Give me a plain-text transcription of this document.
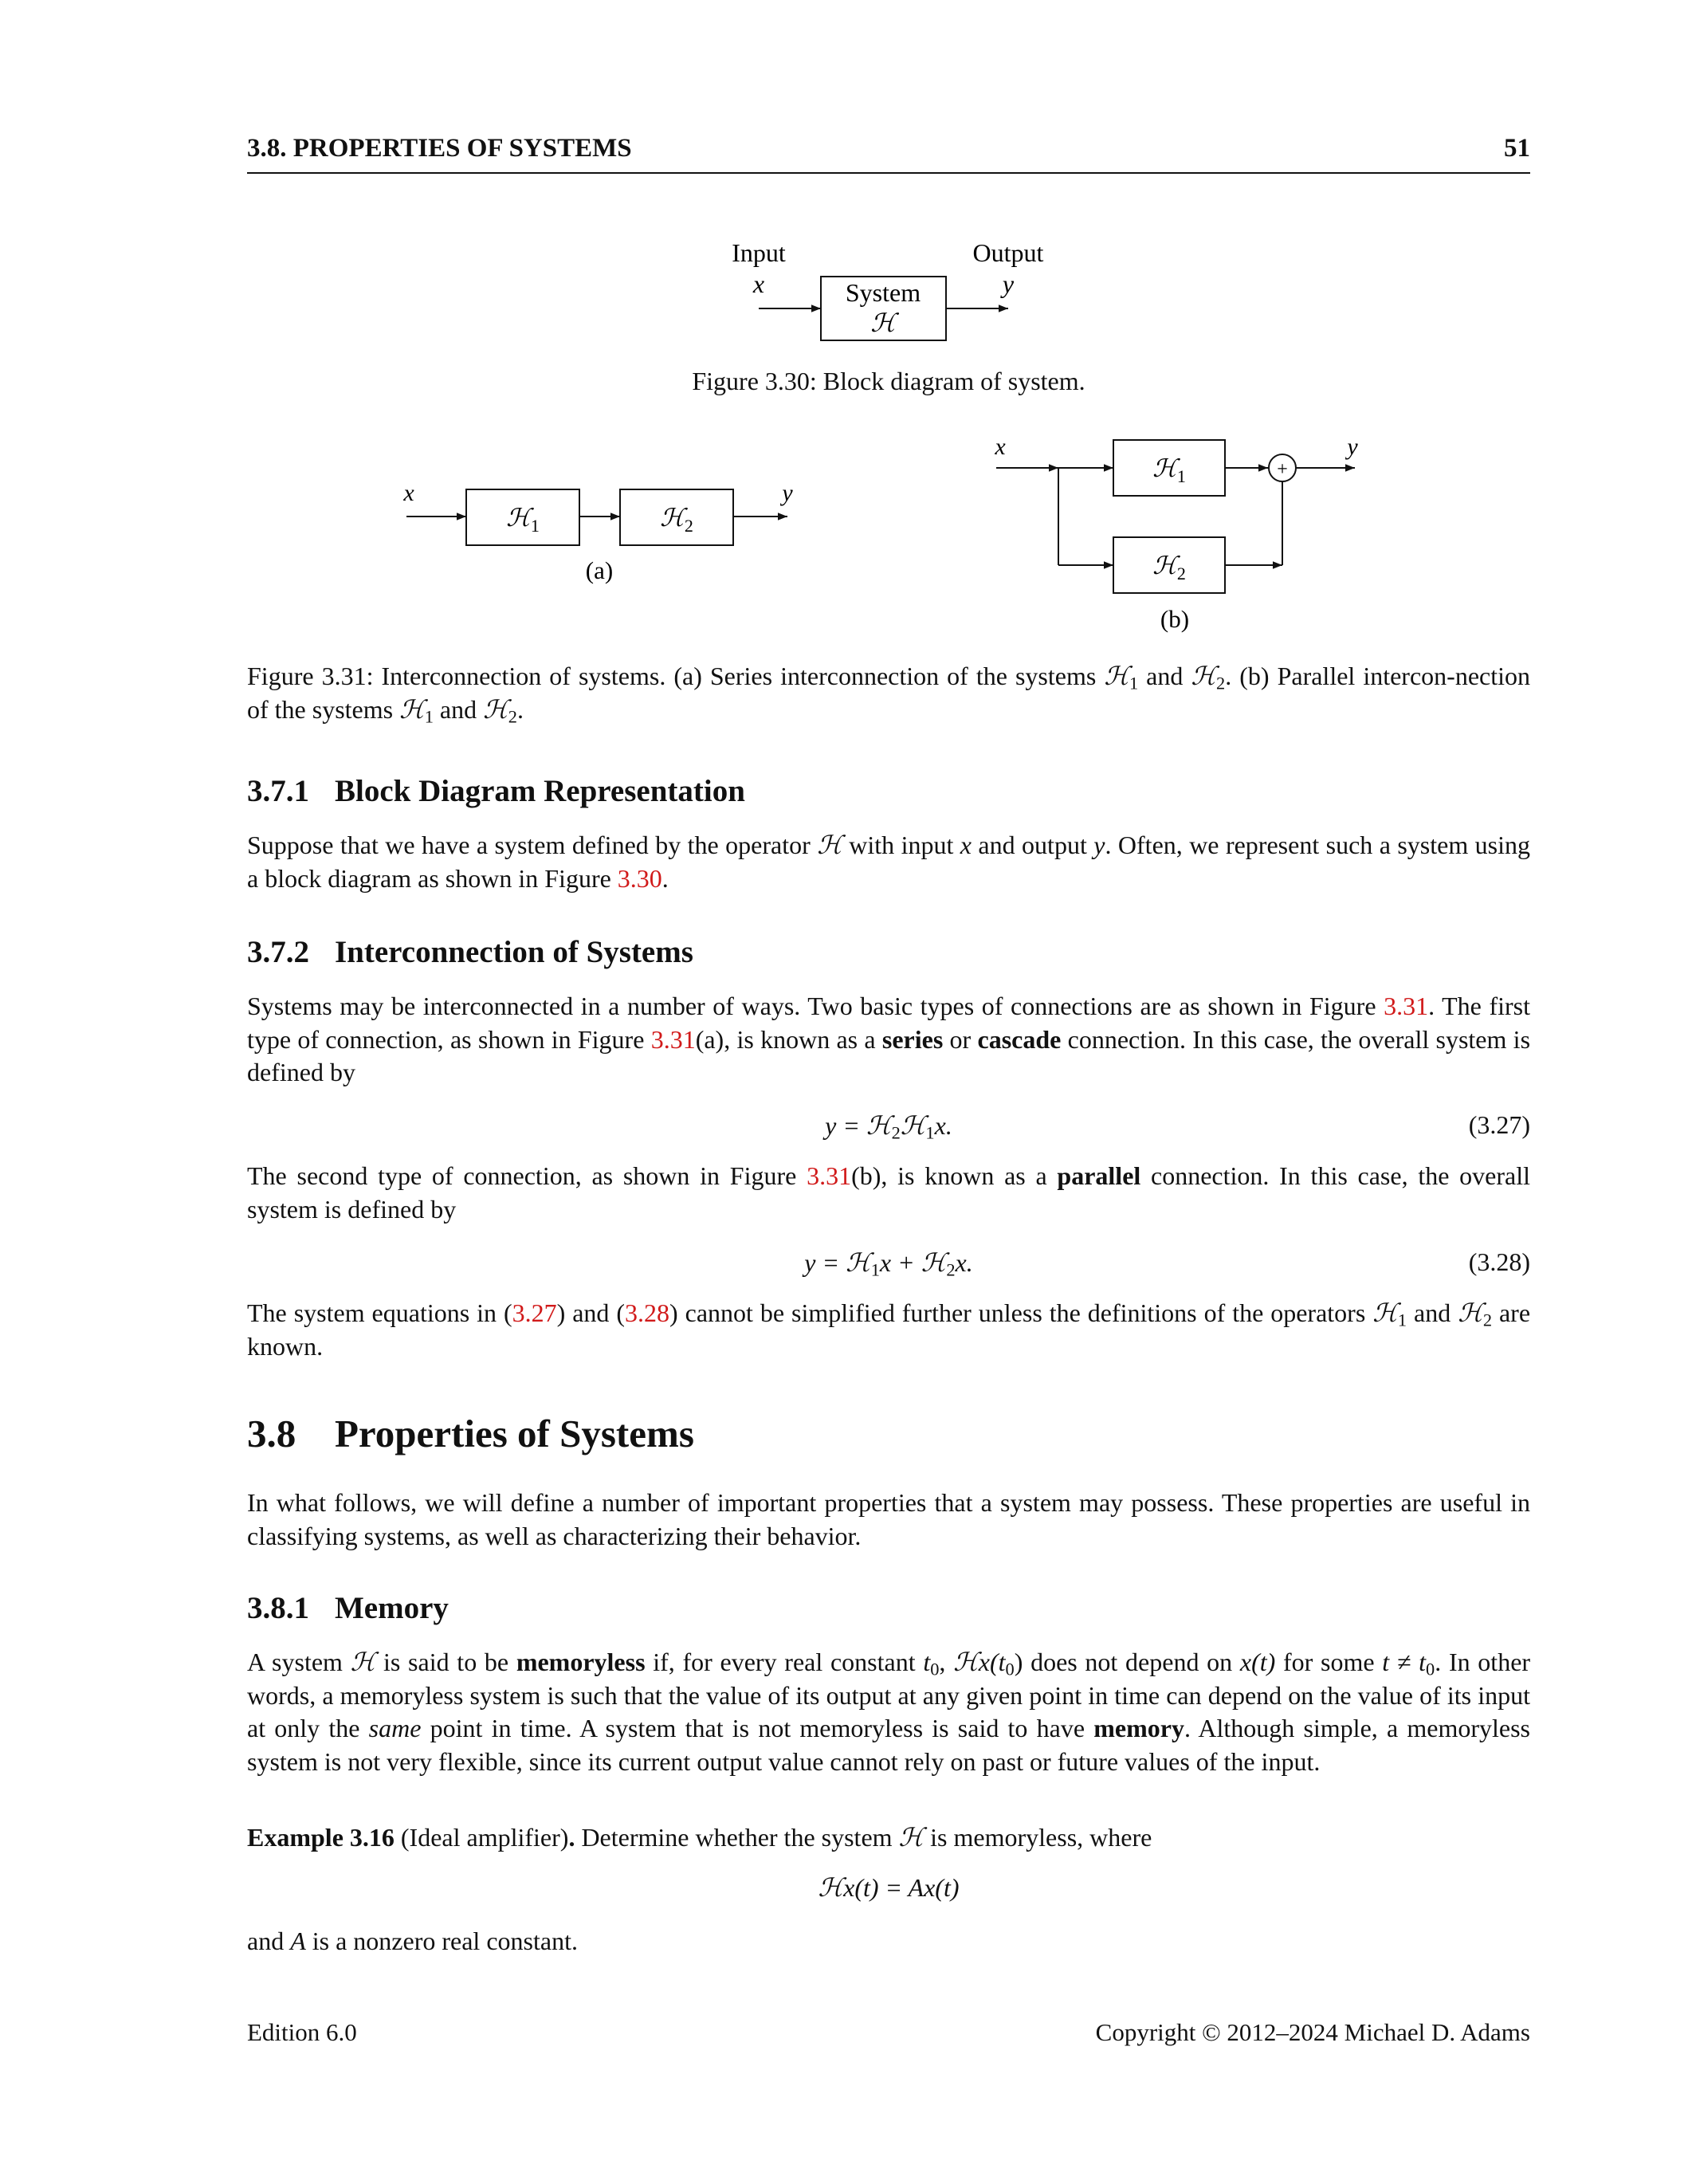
3.8. PROPERTIES OF SYSTEMS	51
Input	Output
x	y
System
ℋ
Figure 3.30: Block diagram of system.
x
ℋ$_1$	ℋ$_2$
y
(a)
x
ℋ$_1$
ℋ$_2$
+
y
(b)
Figure 3.31: Interconnection of systems. (a) Series interconnection of the systems ℋ$_1$ and ℋ$_2$. (b) Parallel intercon-nection of the systems ℋ$_1$ and ℋ$_2$.
3.7.1 Block Diagram Representation
Suppose that we have a system defined by the operator ℋ with input x and output y. Often, we represent such a system using a block diagram as shown in Figure 3.30.
3.7.2 Interconnection of Systems
Systems may be interconnected in a number of ways. Two basic types of connections are as shown in Figure 3.31. The first type of connection, as shown in Figure 3.31(a), is known as a series or cascade connection. In this case, the overall system is defined by
y = ℋ$_2$ℋ$_1$x.	(3.27)
The second type of connection, as shown in Figure 3.31(b), is known as a parallel connection. In this case, the overall system is defined by
y = ℋ$_1$x + ℋ$_2$x.	(3.28)
The system equations in (3.27) and (3.28) cannot be simplified further unless the definitions of the operators ℋ$_1$ and ℋ$_2$ are known.
3.8 Properties of Systems
In what follows, we will define a number of important properties that a system may possess. These properties are useful in classifying systems, as well as characterizing their behavior.
3.8.1 Memory
A system ℋ is said to be memoryless if, for every real constant $t_0$, $ℋx(t_0)$ does not depend on x(t) for some $t \ne t_0$. In other words, a memoryless system is such that the value of its output at any given point in time can depend on the value of its input at only the same point in time. A system that is not memoryless is said to have memory. Although simple, a memoryless system is not very flexible, since its current output value cannot rely on past or future values of the input.
Example 3.16 (Ideal amplifier). Determine whether the system ℋ is memoryless, where
ℋx(t) = Ax(t)
and A is a nonzero real constant.
Edition 6.0	Copyright © 2012–2024 Michael D. Adams
